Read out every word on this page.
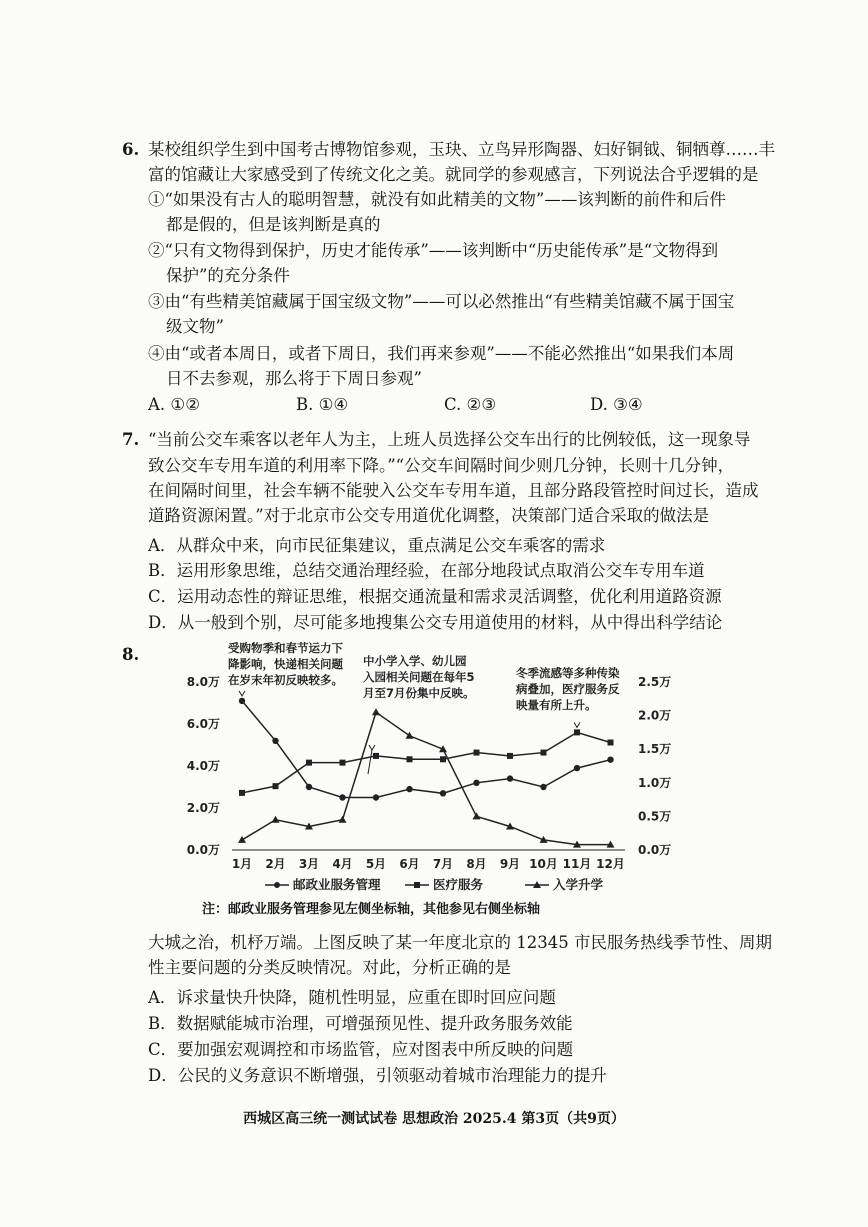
6. 某校组织学生到中国考古博物馆参观，玉玦、立鸟异形陶器、妇好铜钺、铜牺尊……丰
富的馆藏让大家感受到了传统文化之美。就同学的参观感言，下列说法合乎逻辑的是
①“如果没有古人的聪明智慧，就没有如此精美的文物”——该判断的前件和后件
都是假的，但是该判断是真的
②“只有文物得到保护，历史才能传承”——该判断中“历史能传承”是“文物得到
保护”的充分条件
③由“有些精美馆藏属于国宝级文物”——可以必然推出“有些精美馆藏不属于国宝
级文物”
④由“或者本周日，或者下周日，我们再来参观”——不能必然推出“如果我们本周
日不去参观，那么将于下周日参观”
A. ①②	B. ①④	C. ②③	D. ③④
7. “当前公交车乘客以老年人为主，上班人员选择公交车出行的比例较低，这一现象导
致公交车专用车道的利用率下降。”“公交车间隔时间少则几分钟，长则十几分钟，
在间隔时间里，社会车辆不能驶入公交车专用车道，且部分路段管控时间过长，造成
道路资源闲置。”对于北京市公交专用道优化调整，决策部门适合采取的做法是
A．从群众中来，向市民征集建议，重点满足公交车乘客的需求
B．运用形象思维，总结交通治理经验，在部分地段试点取消公交车专用车道
C．运用动态性的辩证思维，根据交通流量和需求灵活调整，优化利用道路资源
D．从一般到个别，尽可能多地搜集公交专用道使用的材料，从中得出科学结论
8.
0.0万
2.0万
4.0万
6.0万
8.0万
0.0万
0.5万
1.0万
1.5万
2.0万
2.5万
1月 2月 3月 4月 5月 6月 7月 8月 9月 10月 11月 12月
受购物季和春节运力下
降影响，快递相关问题
在岁末年初反映较多。
中小学入学、幼儿园
入园相关问题在每年5
月至7月份集中反映。
冬季流感等多种传染
病叠加，医疗服务反
映量有所上升。
邮政业服务管理	医疗服务	入学升学
注：邮政业服务管理参见左侧坐标轴，其他参见右侧坐标轴
大城之治，机杼万端。上图反映了某一年度北京的 12345 市民服务热线季节性、周期
性主要问题的分类反映情况。对此，分析正确的是
A．诉求量快升快降，随机性明显，应重在即时回应问题
B．数据赋能城市治理，可增强预见性、提升政务服务效能
C．要加强宏观调控和市场监管，应对图表中所反映的问题
D．公民的义务意识不断增强，引领驱动着城市治理能力的提升
西城区高三统一测试试卷 思想政治 2025.4 第3页（共9页）
